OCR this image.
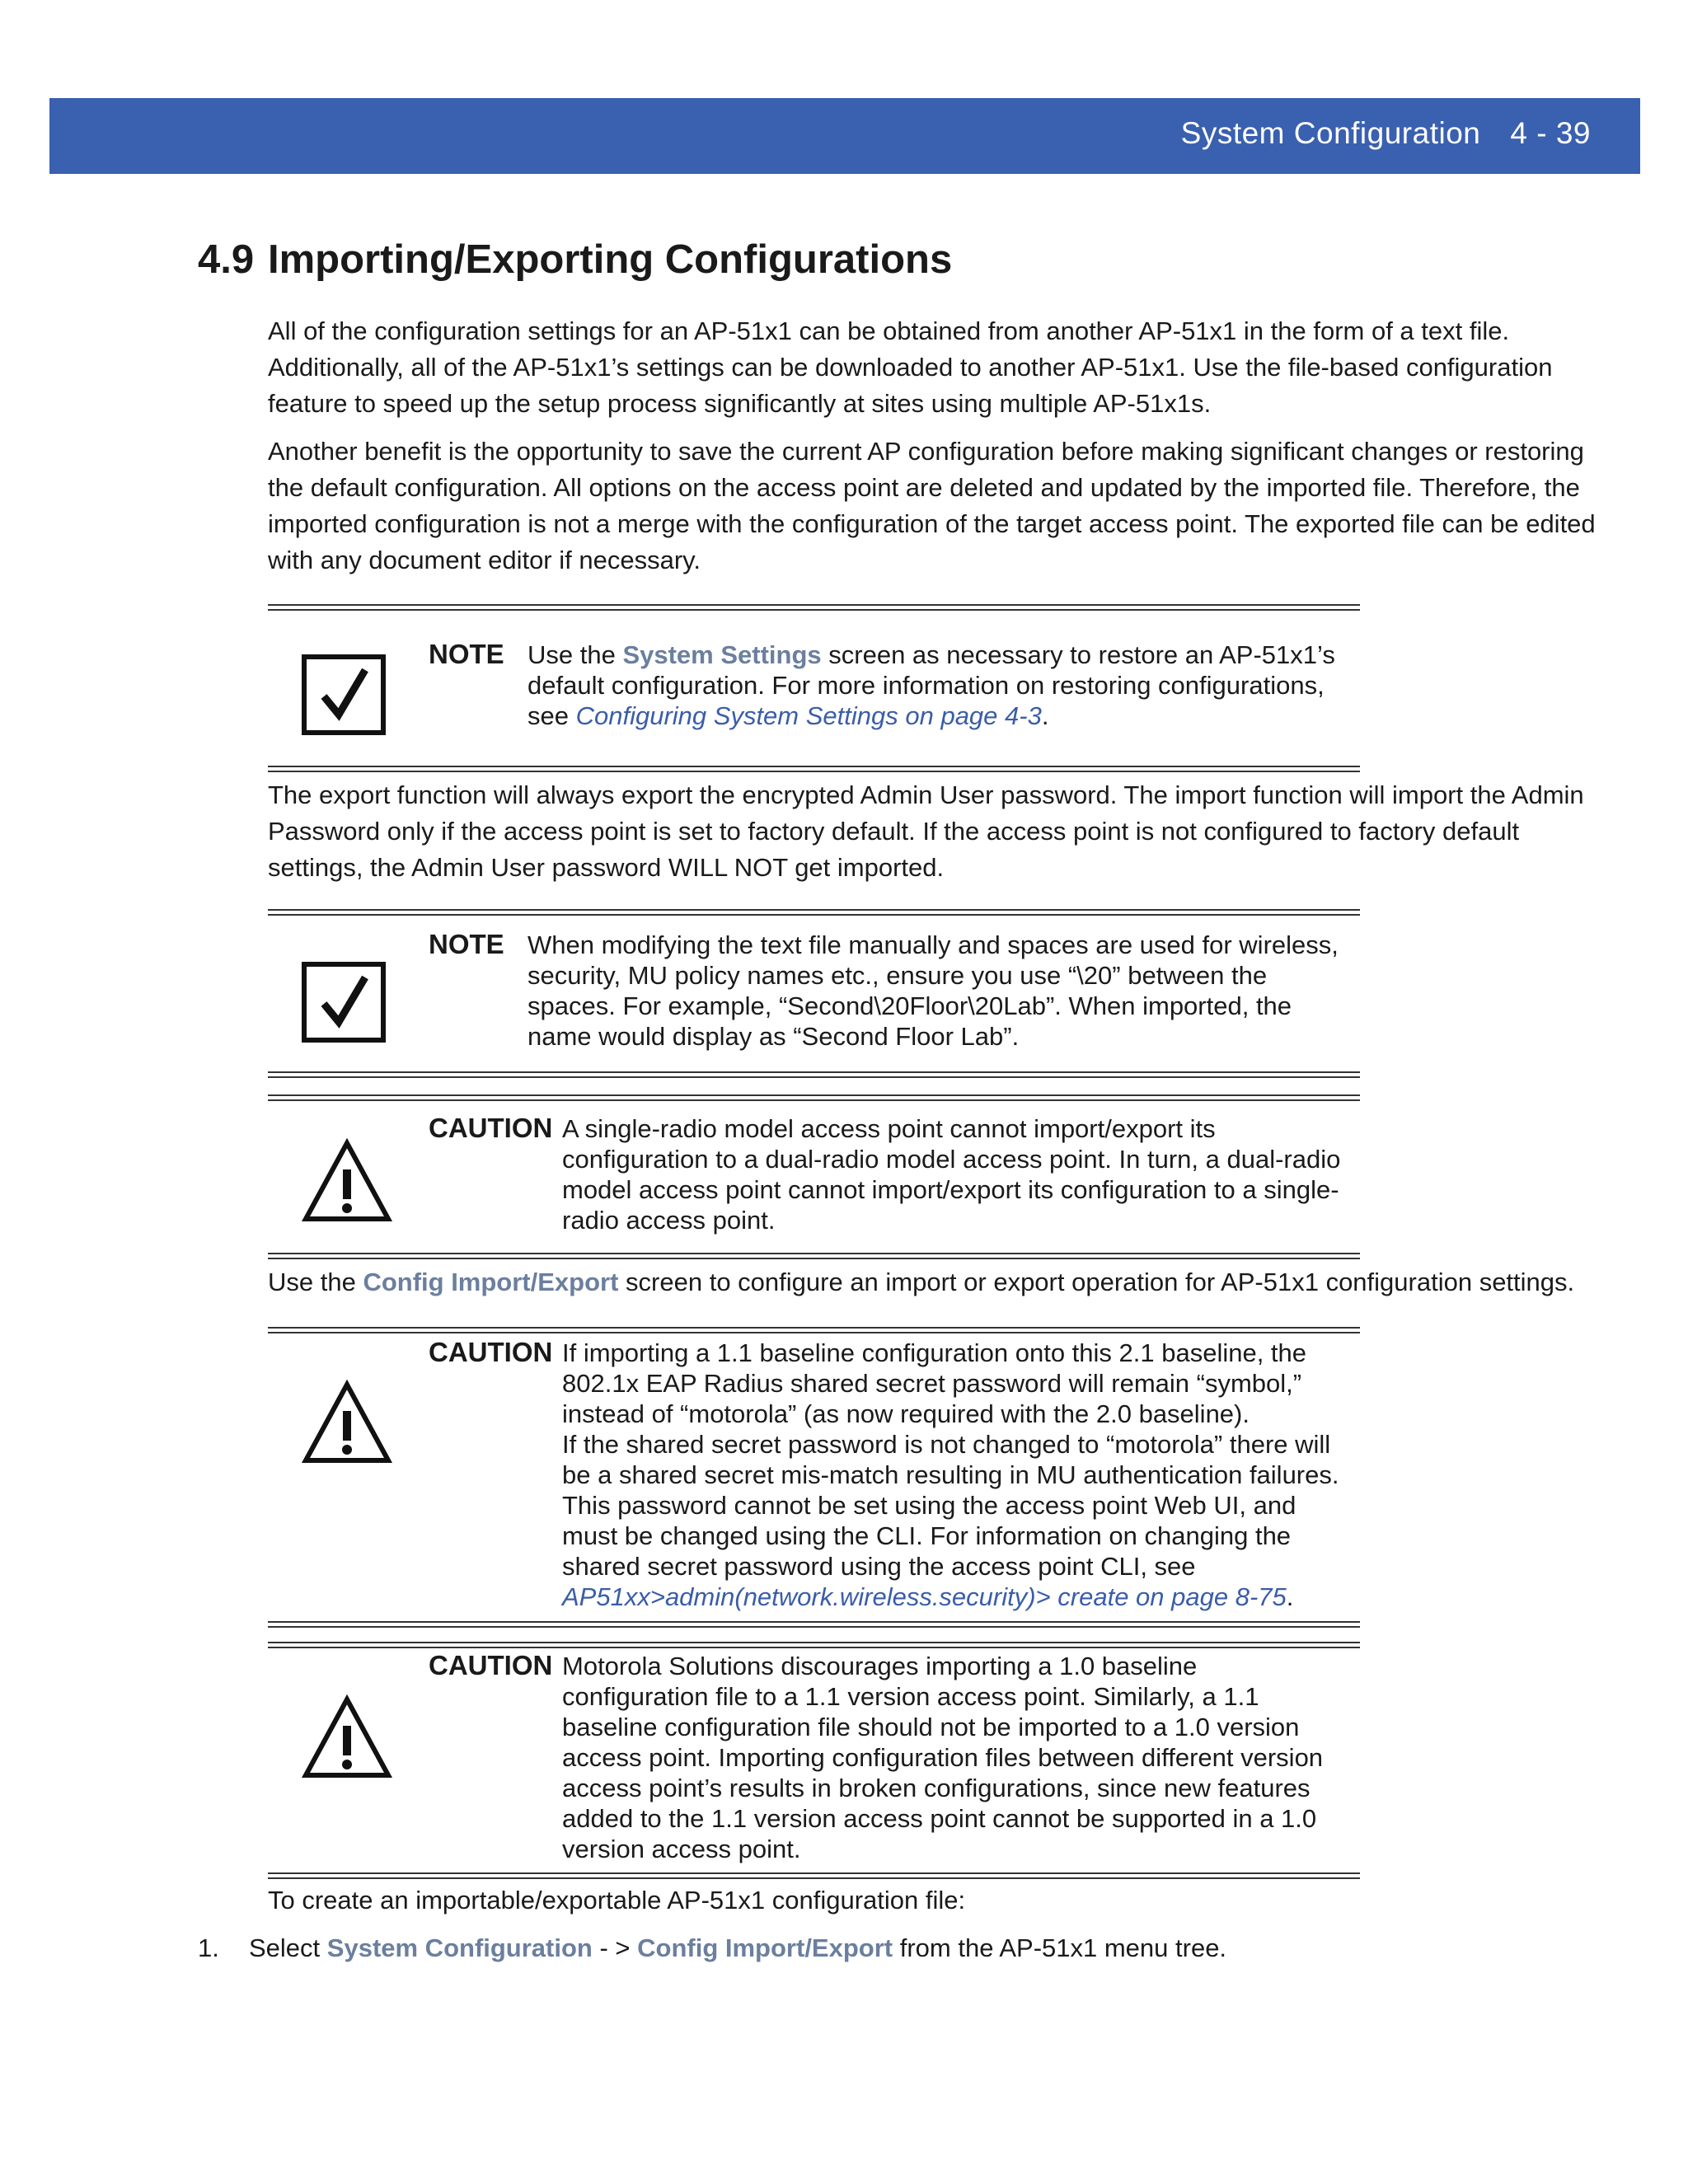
System Configuration 4 - 39
4.9 Importing/Exporting Configurations

All of the configuration settings for an AP-51x1 can be obtained from another AP-51x1 in the form of a text file. Additionally, all of the AP-51x1’s settings can be downloaded to another AP-51x1. Use the file-based configuration feature to speed up the setup process significantly at sites using multiple AP-51x1s.

Another benefit is the opportunity to save the current AP configuration before making significant changes or restoring the default configuration. All options on the access point are deleted and updated by the imported file. Therefore, the imported configuration is not a merge with the configuration of the target access point. The exported file can be edited with any document editor if necessary.

NOTE Use the System Settings screen as necessary to restore an AP-51x1’s default configuration. For more information on restoring configurations, see Configuring System Settings on page 4-3.

The export function will always export the encrypted Admin User password. The import function will import the Admin Password only if the access point is set to factory default. If the access point is not configured to factory default settings, the Admin User password WILL NOT get imported.

NOTE When modifying the text file manually and spaces are used for wireless, security, MU policy names etc., ensure you use “\20” between the spaces. For example, “Second\20Floor\20Lab”. When imported, the name would display as “Second Floor Lab”.

CAUTION A single-radio model access point cannot import/export its configuration to a dual-radio model access point. In turn, a dual-radio model access point cannot import/export its configuration to a single-radio access point.

Use the Config Import/Export screen to configure an import or export operation for AP-51x1 configuration settings.

CAUTION If importing a 1.1 baseline configuration onto this 2.1 baseline, the 802.1x EAP Radius shared secret password will remain “symbol,” instead of “motorola” (as now required with the 2.0 baseline).

If the shared secret password is not changed to “motorola” there will be a shared secret mis-match resulting in MU authentication failures. This password cannot be set using the access point Web UI, and must be changed using the CLI. For information on changing the shared secret password using the access point CLI, see AP51xx>admin(network.wireless.security)> create on page 8-75.

CAUTION Motorola Solutions discourages importing a 1.0 baseline configuration file to a 1.1 version access point. Similarly, a 1.1 baseline configuration file should not be imported to a 1.0 version access point. Importing configuration files between different version access point’s results in broken configurations, since new features added to the 1.1 version access point cannot be supported in a 1.0 version access point.

To create an importable/exportable AP-51x1 configuration file:

1. Select System Configuration - > Config Import/Export from the AP-51x1 menu tree.
